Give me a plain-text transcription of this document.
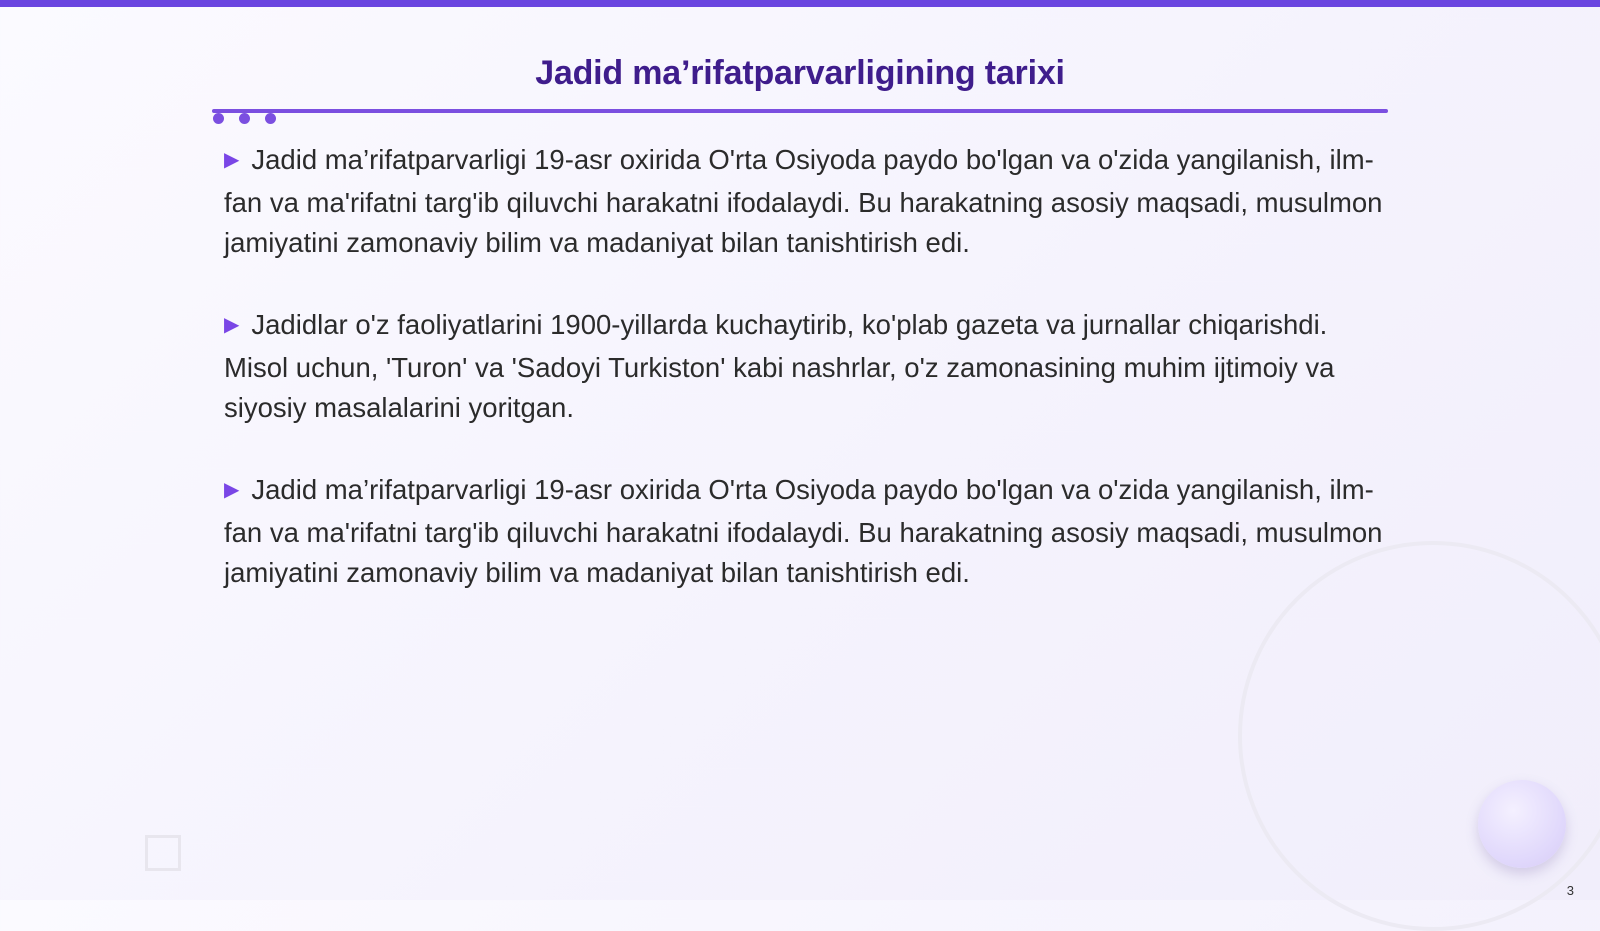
Jadid ma’rifatparvarligining tarixi

▶ Jadid ma’rifatparvarligi 19-asr oxirida O'rta Osiyoda paydo bo'lgan va o'zida yangilanish, ilm-fan va ma'rifatni targ'ib qiluvchi harakatni ifodalaydi. Bu harakatning asosiy maqsadi, musulmon jamiyatini zamonaviy bilim va madaniyat bilan tanishtirish edi.

▶ Jadidlar o'z faoliyatlarini 1900-yillarda kuchaytirib, ko'plab gazeta va jurnallar chiqarishdi. Misol uchun, 'Turon' va 'Sadoyi Turkiston' kabi nashrlar, o'z zamonasining muhim ijtimoiy va siyosiy masalalarini yoritgan.

▶ Jadid ma’rifatparvarligi 19-asr oxirida O'rta Osiyoda paydo bo'lgan va o'zida yangilanish, ilm-fan va ma'rifatni targ'ib qiluvchi harakatni ifodalaydi. Bu harakatning asosiy maqsadi, musulmon jamiyatini zamonaviy bilim va madaniyat bilan tanishtirish edi.

3
